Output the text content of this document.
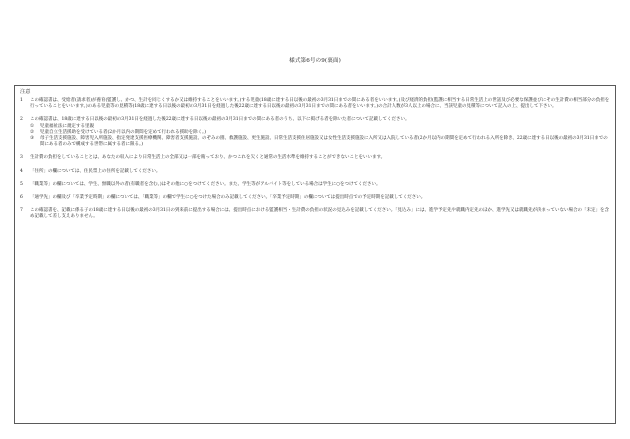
様式第6号の9(裏面)
注意
1	この確認書は、受給者(請求者)が養育(監護し、かつ、生計を同じくするか又は維持することをいいます。)する児童(18歳に達する日以後の最初の3月31日までの間にある者をいいます。)及び経済的負担(監護に相当する日常生活上の世話及び必要な保護並びにその生計費の相当部分の負担を行っていることをいいます。)のある児童等の見積等(18歳に達する日以後の最初の3月31日を経過した後22歳に達する日以後の最初の3月31日までの間にある者をいいます。)の合計人数が3人以上の場合に、当該児童の見積等について記入の上、提出して下さい。
2	この確認書は、18歳に達する日以後の最初の3月31日を経過した後22歳に達する日以後の最初の3月31日までの間にある者のうち、以下に掲げる者を除いた者について記載してください。
①	児童福祉法に規定する里親
②	児童自立生活援助を受けている者(2か月以内の期間を定めて行われる援助を除く。)
③	母子生活支援施設、障害児入所施設、指定発達支援医療機関、障害者支援施設、のぞみの園、救護施設、更生施設、日常生活支援住居施設又は女性生活支援施設に入所又は入院している者(2か月以内の期間を定めて行われる入所を除き、22歳に達する日以後の最初の3月31日までの間にある者のみで構成する世帯に属する者に限る。)
3	生計費の負担をしていることとは、あなたの収入により日常生活上の全部又は一部を賄っており、かつこれを欠くと通常の生活水準を維持することができないことをいいます。
4	「住所」の欄については、住民票上の住所を記載してください。
5	「職業等」の欄については、学生、無職以外の者(有職者を含む。)はその他に○をつけてください。また、学生等がアルバイト等をしている場合は学生に○をつけてください。
6	「通学先」の欄及び「卒業予定時期」の欄については、「職業等」の欄で学生に○をつけた場合のみ記載してください。「卒業予定時期」の欄については提出時点での予定時期を記載してください。
7	この確認書を、記載に係る子の18歳に達する日以後の最初の3月31日の到来前に提出する場合には、提出時点における監護相当・生計費の負担の状況の見込みを記載してください。「見込み」には、進学予定先や就職内定先のほか、進学先又は就職先が決まっていない場合の「未定」を含め記載して差し支えありません。
